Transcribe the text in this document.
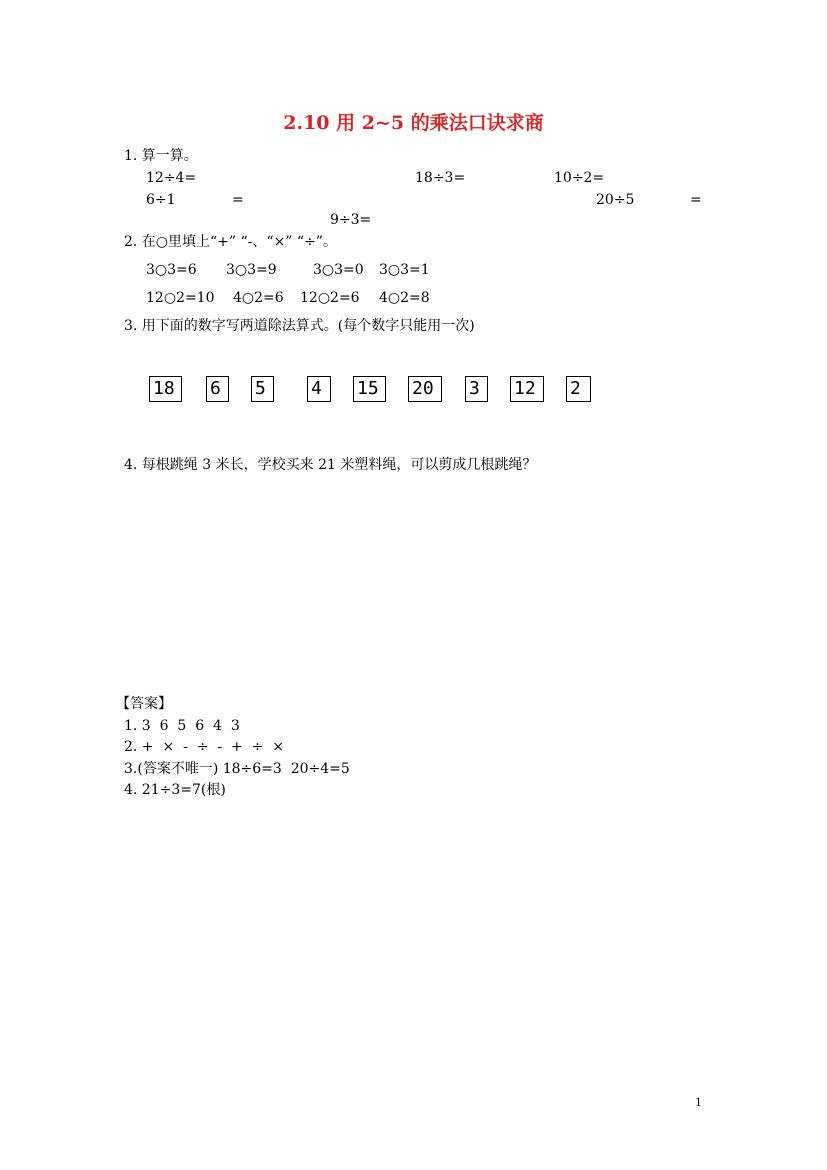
2.10 用 2~5 的乘法口诀求商
1. 算一算。
12÷4=	18÷3=	10÷2=
6÷1	=	20÷5	=
9÷3=
2. 在○里填上“+” “-、“×” “÷”。
3○3=6 3○3=9	3○3=0 3○3=1
12○2=10 4○2=6 12○2=6 4○2=8
3. 用下面的数字写两道除法算式。(每个数字只能用一次)
18	6	5	4	15	20	3	12	2
4. 每根跳绳 3 米长，学校买来 21 米塑料绳，可以剪成几根跳绳？
【答案】
1. 3  6  5  6  4  3
2. +  ×  -  ÷  -  +  ÷  ×
3.(答案不唯一) 18÷6=3  20÷4=5
4. 21÷3=7(根)
1
